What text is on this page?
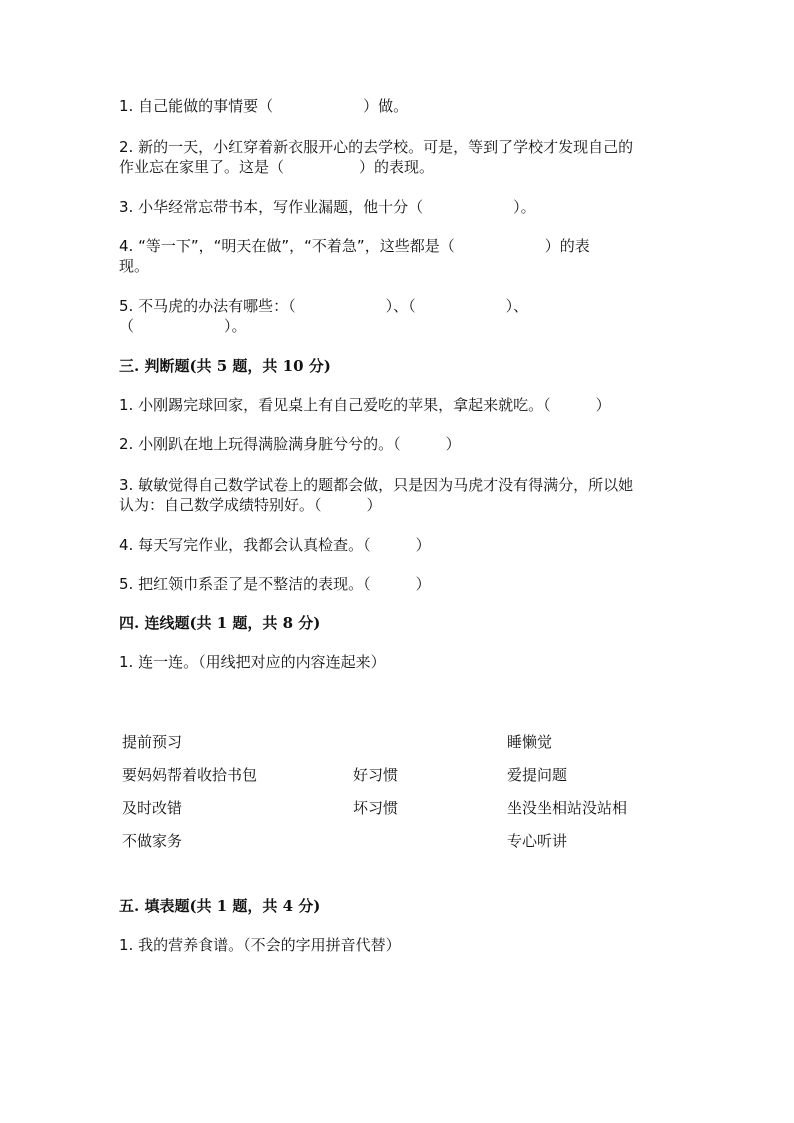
1. 自己能做的事情要（　　　　　　）做。
2. 新的一天，小红穿着新衣服开心的去学校。可是，等到了学校才发现自己的
作业忘在家里了。这是（　　　　　）的表现。
3. 小华经常忘带书本，写作业漏题，他十分（　　　　　　）。
4. “等一下”，“明天在做”，“不着急”，这些都是（　　　　　　）的表
现。
5. 不马虎的办法有哪些：（　　　　　　）、（　　　　　　）、
（　　　　　　）。
三. 判断题(共 5 题，共 10 分)
1. 小刚踢完球回家，看见桌上有自己爱吃的苹果，拿起来就吃。（　　　）
2. 小刚趴在地上玩得满脸满身脏兮兮的。（　　　）
3. 敏敏觉得自己数学试卷上的题都会做，只是因为马虎才没有得满分，所以她
认为：自己数学成绩特别好。（　　　）
4. 每天写完作业，我都会认真检查。（　　　）
5. 把红领巾系歪了是不整洁的表现。（　　　）
四. 连线题(共 1 题，共 8 分)
1. 连一连。（用线把对应的内容连起来）
提前预习
要妈妈帮着收拾书包
及时改错
不做家务
好习惯
坏习惯
睡懒觉
爱提问题
坐没坐相站没站相
专心听讲
五. 填表题(共 1 题，共 4 分)
1. 我的营养食谱。（不会的字用拼音代替）
